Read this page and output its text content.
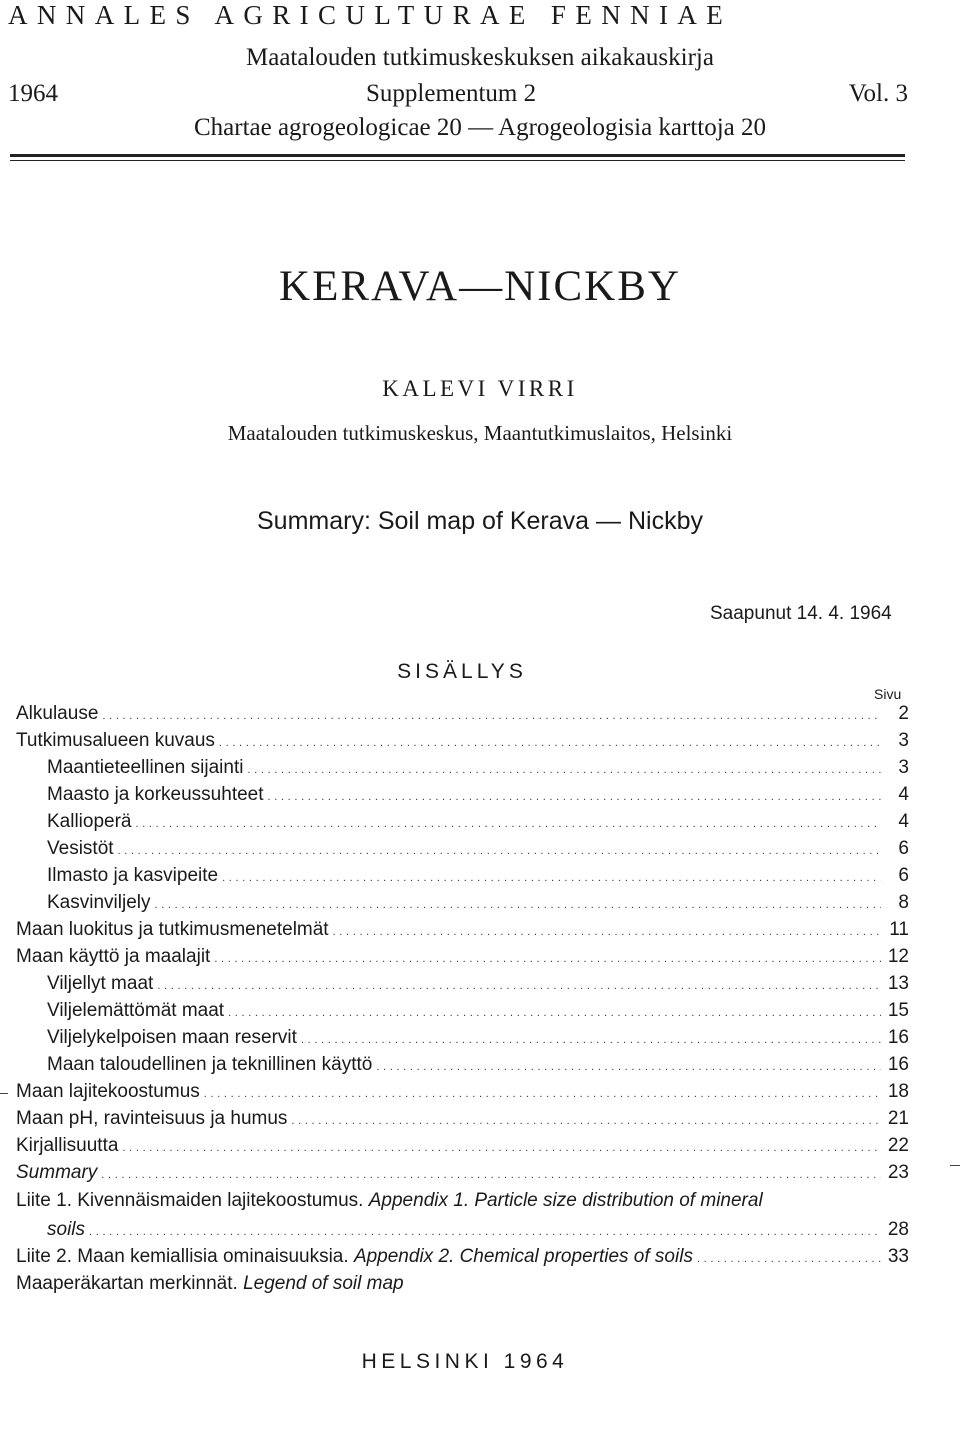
ANNALES AGRICULTURAE FENNIAE
Maatalouden tutkimuskeskuksen aikakauskirja
1964	Supplementum 2	Vol. 3
Chartae agrogeologicae 20 — Agrogeologisia karttoja 20
KERAVA—NICKBY
KALEVI VIRRI
Maatalouden tutkimuskeskus, Maantutkimuslaitos, Helsinki
Summary: Soil map of Kerava — Nickby
Saapunut 14. 4. 1964
SISÄLLYS
Sivu
Alkulause . . .	2
Tutkimusalueen kuvaus . . .	3
Maantieteellinen sijainti . . .	3
Maasto ja korkeussuhteet . . .	4
Kallioperä . . .	4
Vesistöt . . .	6
Ilmasto ja kasvipeite . . .	6
Kasvinviljely . . .	8
Maan luokitus ja tutkimusmenetelmät . . .	11
Maan käyttö ja maalajit . . .	12
Viljellyt maat . . .	13
Viljelemättömät maat . . .	15
Viljelykelpoisen maan reservit . . .	16
Maan taloudellinen ja teknillinen käyttö . . .	16
Maan lajitekoostumus . . .	18
Maan pH, ravinteisuus ja humus . . .	21
Kirjallisuutta . . .	22
Summary . . .	23
Liite 1. Kivennäismaiden lajitekoostumus. Appendix 1. Particle size distribution of mineral
soils . . .	28
Liite 2. Maan kemiallisia ominaisuuksia. Appendix 2. Chemical properties of soils . . .	33
Maaperäkartan merkinnät. Legend of soil map
HELSINKI 1964
